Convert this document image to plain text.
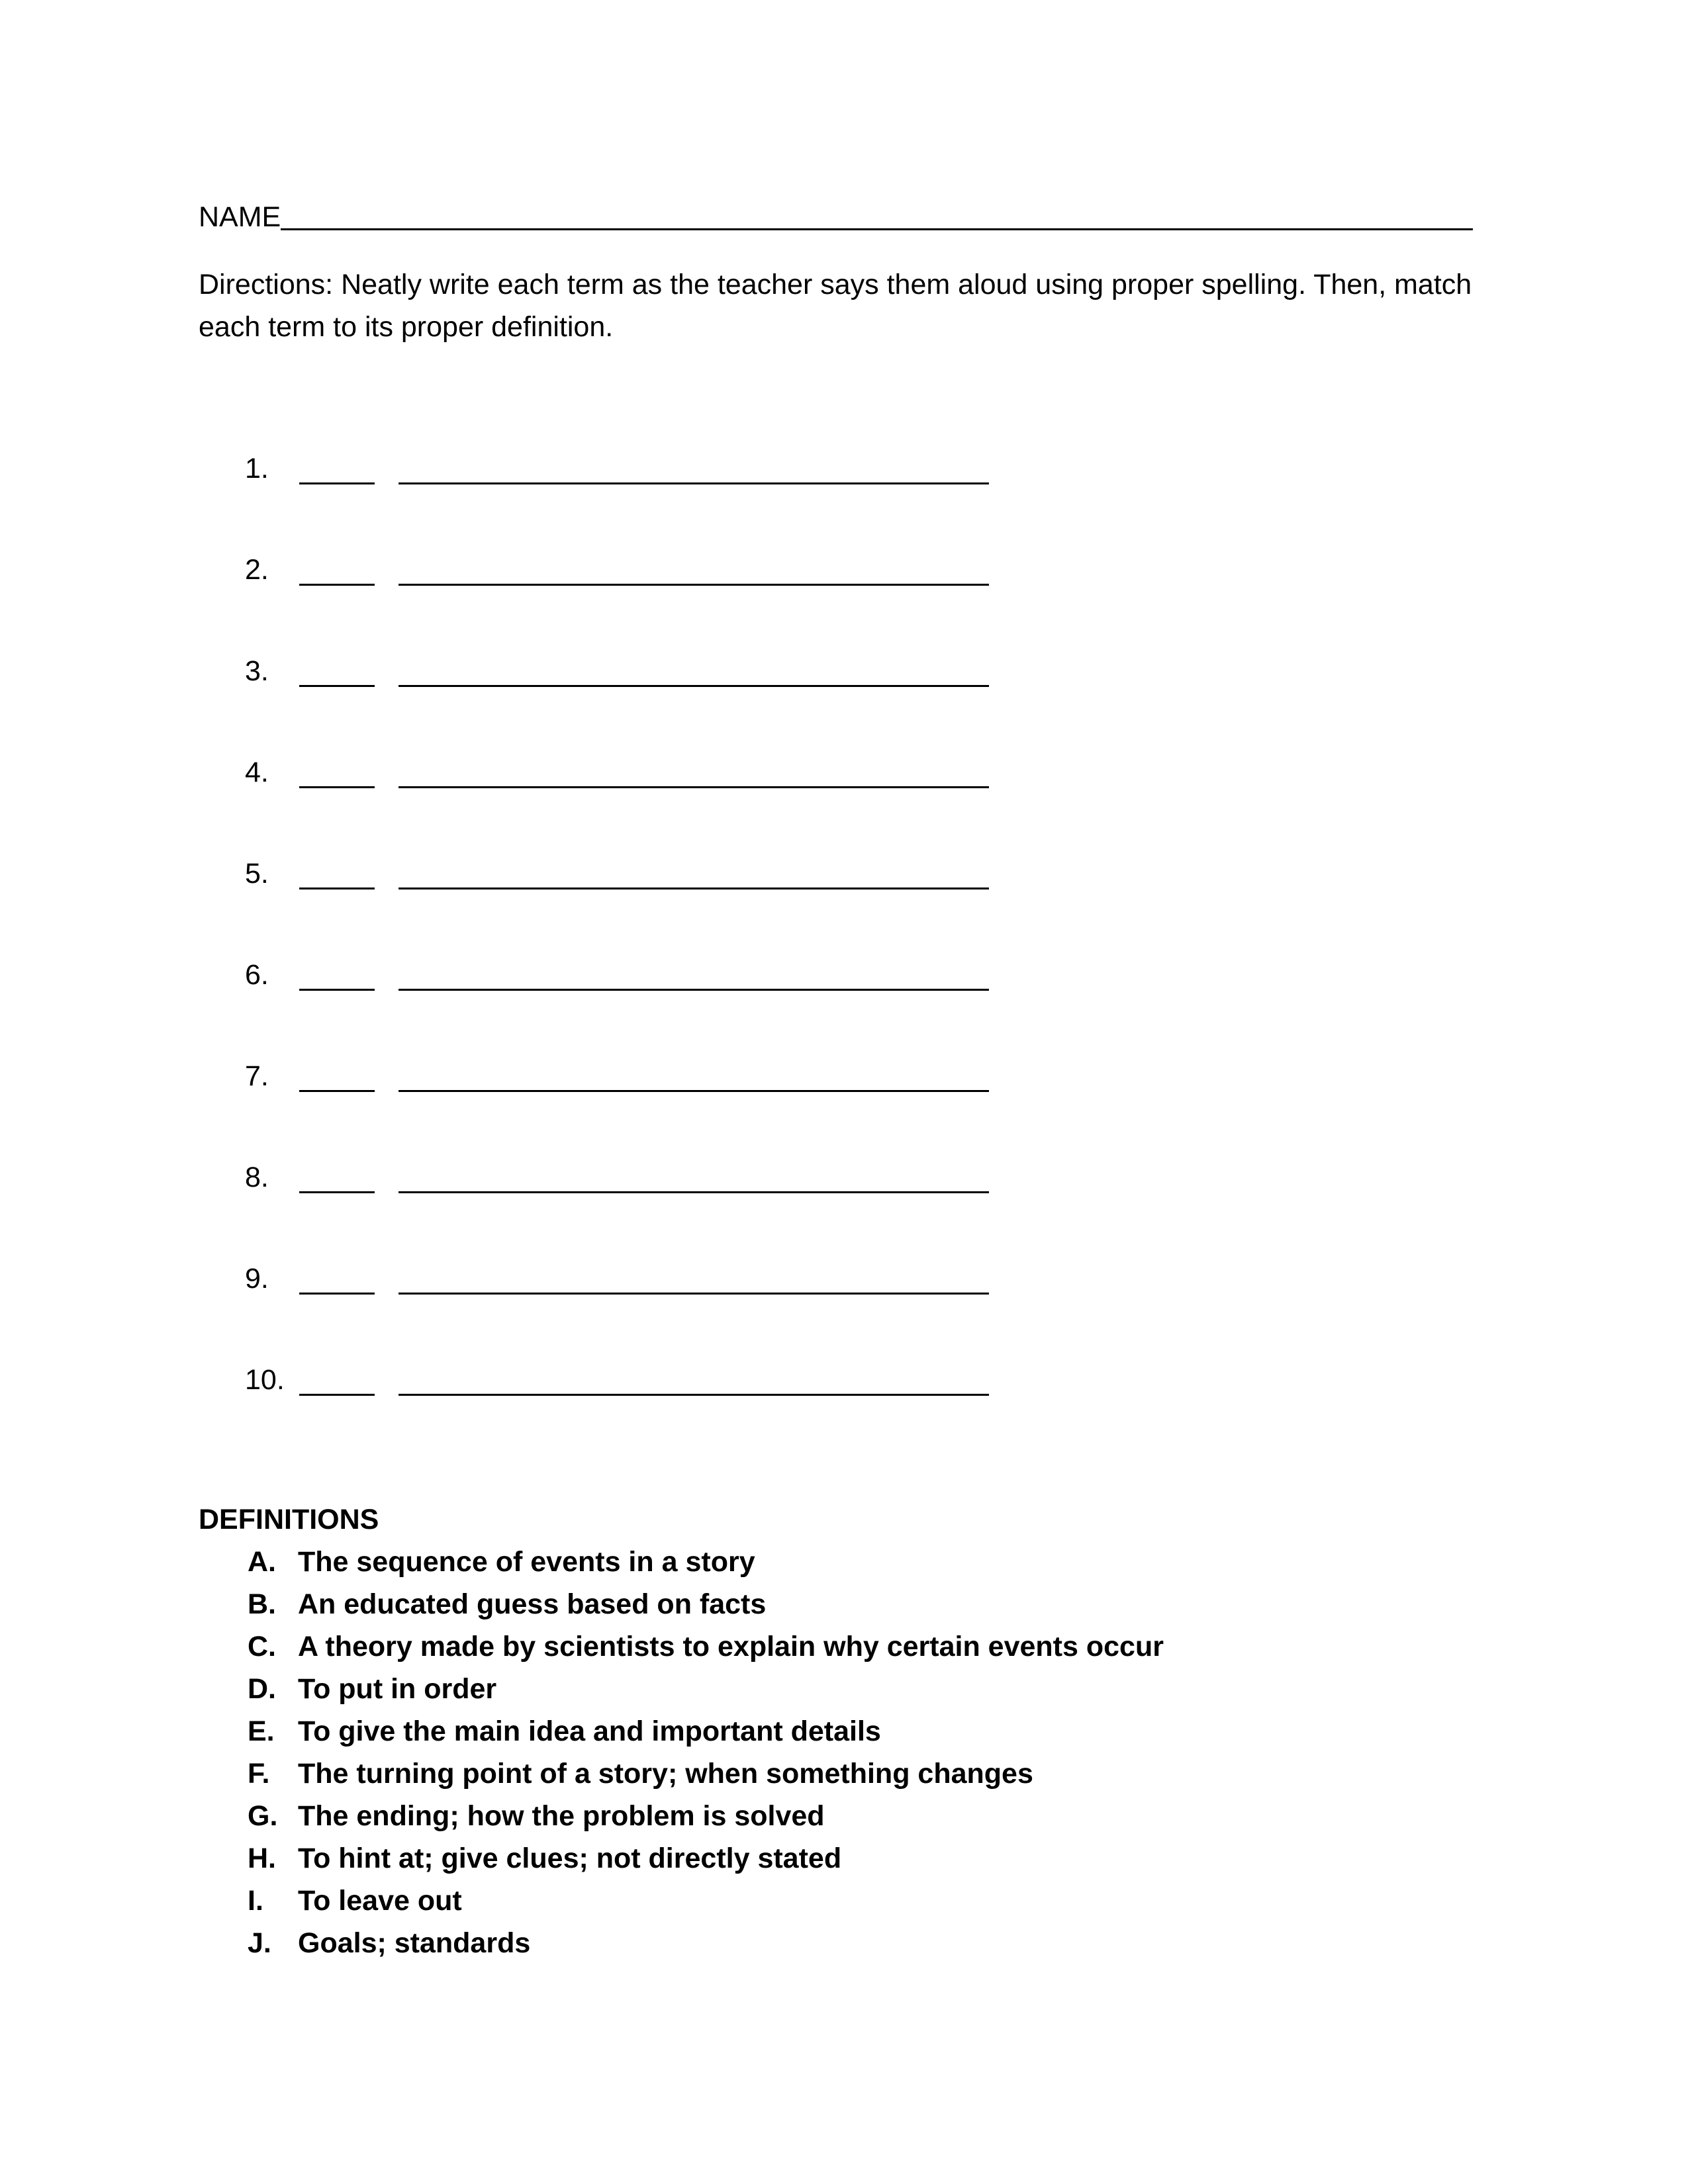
NAME
Directions: Neatly write each term as the teacher says them aloud using proper spelling. Then, match each term to its proper definition.
1.
2.
3.
4.
5.
6.
7.
8.
9.
10.
DEFINITIONS
A. The sequence of events in a story
B. An educated guess based on facts
C. A theory made by scientists to explain why certain events occur
D. To put in order
E. To give the main idea and important details
F. The turning point of a story; when something changes
G. The ending; how the problem is solved
H. To hint at; give clues; not directly stated
I. To leave out
J. Goals; standards
